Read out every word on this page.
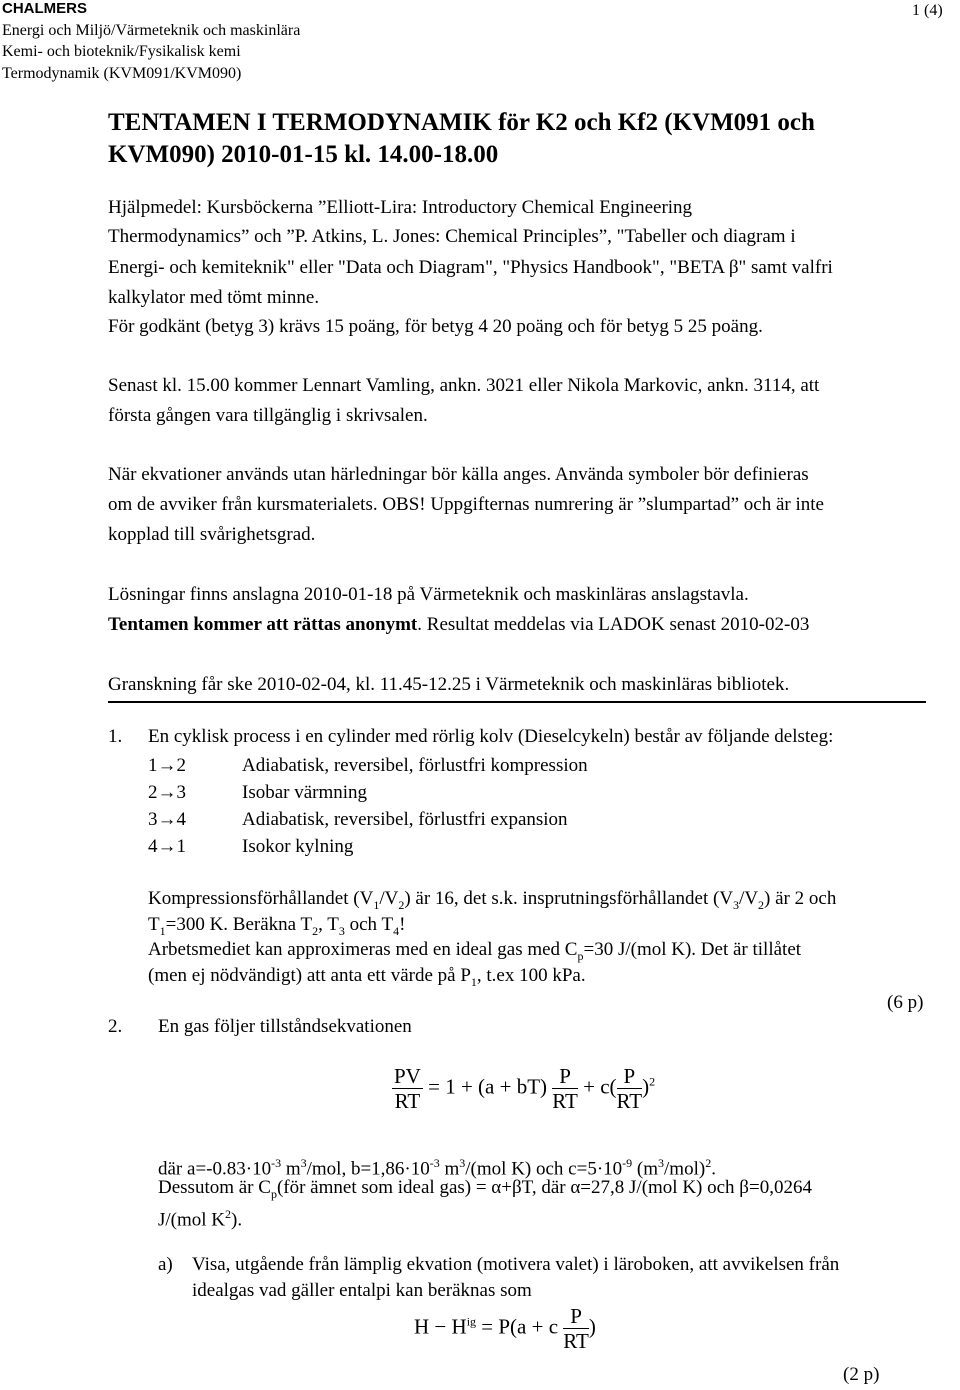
CHALMERS
Energi och Miljö/Värmeteknik och maskinlära
Kemi- och bioteknik/Fysikalisk kemi
Termodynamik (KVM091/KVM090)
1 (4)
TENTAMEN I TERMODYNAMIK för K2 och Kf2 (KVM091 och
KVM090) 2010-01-15 kl. 14.00-18.00
Hjälpmedel: Kursböckerna ”Elliott-Lira: Introductory Chemical Engineering
Thermodynamics” och ”P. Atkins, L. Jones: Chemical Principles”, "Tabeller och diagram i
Energi- och kemiteknik" eller "Data och Diagram", "Physics Handbook", "BETA β" samt valfri
kalkylator med tömt minne.
För godkänt (betyg 3) krävs 15 poäng, för betyg 4 20 poäng och för betyg 5 25 poäng.
Senast kl. 15.00 kommer Lennart Vamling, ankn. 3021 eller Nikola Markovic, ankn. 3114, att
första gången vara tillgänglig i skrivsalen.
När ekvationer används utan härledningar bör källa anges. Använda symboler bör definieras
om de avviker från kursmaterialets. OBS! Uppgifternas numrering är ”slumpartad” och är inte
kopplad till svårighetsgrad.
Lösningar finns anslagna 2010-01-18 på Värmeteknik och maskinläras anslagstavla.
Tentamen kommer att rättas anonymt. Resultat meddelas via LADOK senast 2010-02-03
Granskning får ske 2010-02-04, kl. 11.45-12.25 i Värmeteknik och maskinläras bibliotek.
1. En cyklisk process i en cylinder med rörlig kolv (Dieselcykeln) består av följande delsteg:
1→2	Adiabatisk, reversibel, förlustfri kompression
2→3	Isobar värmning
3→4	Adiabatisk, reversibel, förlustfri expansion
4→1	Isokor kylning
Kompressionsförhållandet $(V_1/V_2)$ är 16, det s.k. insprutningsförhållandet $(V_3/V_2)$ är 2 och
$T_1=300$ K. Beräkna $T_2$, $T_3$ och $T_4$!
Arbetsmediet kan approximeras med en ideal gas med $C_p=30$ J/(mol K). Det är tillåtet
(men ej nödvändigt) att anta ett värde på $P_1$, t.ex 100 kPa.
(6 p)
2. En gas följer tillståndsekvationen
$\frac{PV}{RT} = 1 + (a + bT) \frac{P}{RT} + c( \frac{P}{RT} )^2$
där $a=-0.83\cdot 10^{-3}$ $m^3$/mol, $b=1,86\cdot 10^{-3}$ $m^3/(mol$ K) och $c=5\cdot 10^{-9}$ $(m^3/mol)^2$.
Dessutom är $C_p(för$ ämnet som ideal gas) = α+βT, där α=27,8 J/(mol K) och β=0,0264
J/(mol $K^2$).
a) Visa, utgående från lämplig ekvation (motivera valet) i läroboken, att avvikelsen från
idealgas vad gäller entalpi kan beräknas som
$H - H^{ig} = P(a + c \frac{P}{RT}$ )
(2 p)
